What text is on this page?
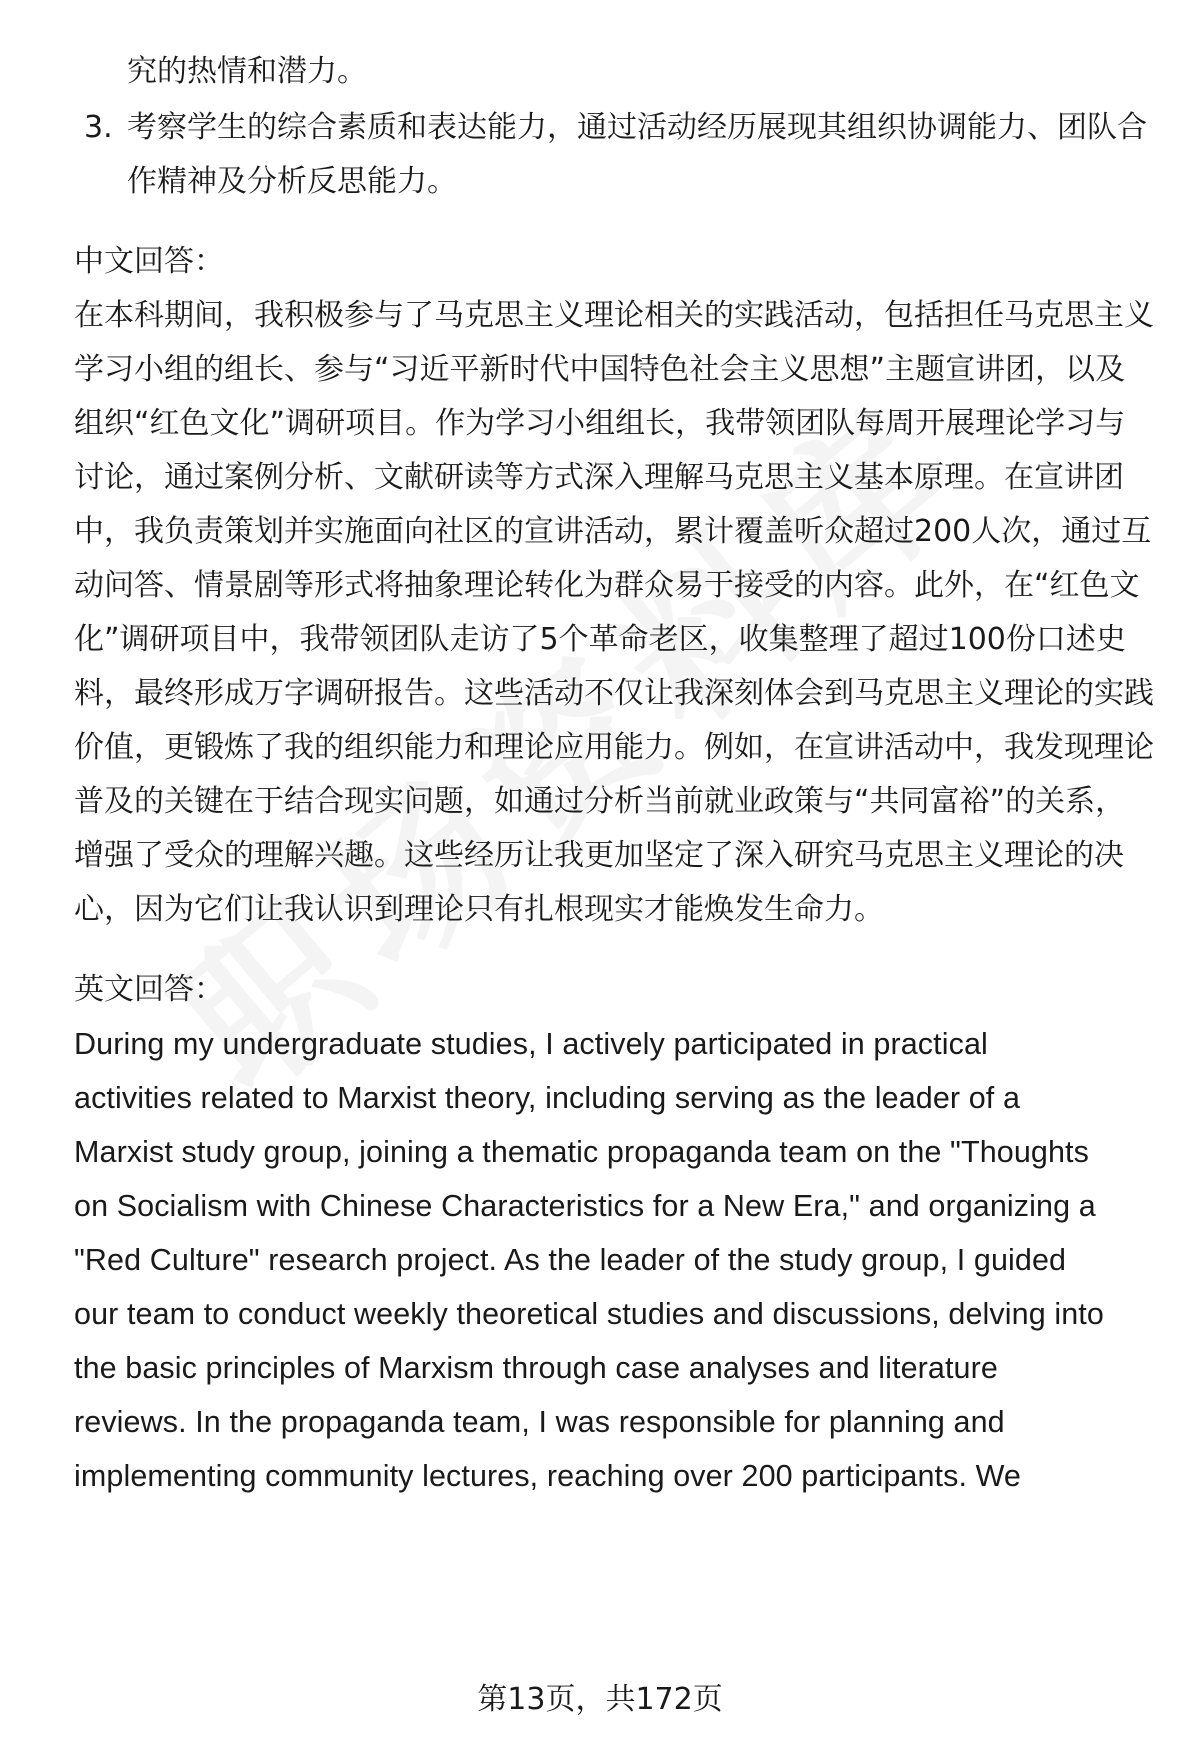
究的热情和潜力。
3. 考察学生的综合素质和表达能力，通过活动经历展现其组织协调能力、团队合
作精神及分析反思能力。
中文回答：
在本科期间，我积极参与了马克思主义理论相关的实践活动，包括担任马克思主义
学习小组的组长、参与“习近平新时代中国特色社会主义思想”主题宣讲团，以及
组织“红色文化”调研项目。作为学习小组组长，我带领团队每周开展理论学习与
讨论，通过案例分析、文献研读等方式深入理解马克思主义基本原理。在宣讲团
中，我负责策划并实施面向社区的宣讲活动，累计覆盖听众超过200人次，通过互
动问答、情景剧等形式将抽象理论转化为群众易于接受的内容。此外，在“红色文
化”调研项目中，我带领团队走访了5个革命老区，收集整理了超过100份口述史
料，最终形成万字调研报告。这些活动不仅让我深刻体会到马克思主义理论的实践
价值，更锻炼了我的组织能力和理论应用能力。例如，在宣讲活动中，我发现理论
普及的关键在于结合现实问题，如通过分析当前就业政策与“共同富裕”的关系，
增强了受众的理解兴趣。这些经历让我更加坚定了深入研究马克思主义理论的决
心，因为它们让我认识到理论只有扎根现实才能焕发生命力。
英文回答：
During my undergraduate studies, I actively participated in practical
activities related to Marxist theory, including serving as the leader of a
Marxist study group, joining a thematic propaganda team on the "Thoughts
on Socialism with Chinese Characteristics for a New Era," and organizing a
"Red Culture" research project. As the leader of the study group, I guided
our team to conduct weekly theoretical studies and discussions, delving into
the basic principles of Marxism through case analyses and literature
reviews. In the propaganda team, I was responsible for planning and
implementing community lectures, reaching over 200 participants. We
第13页，共172页
